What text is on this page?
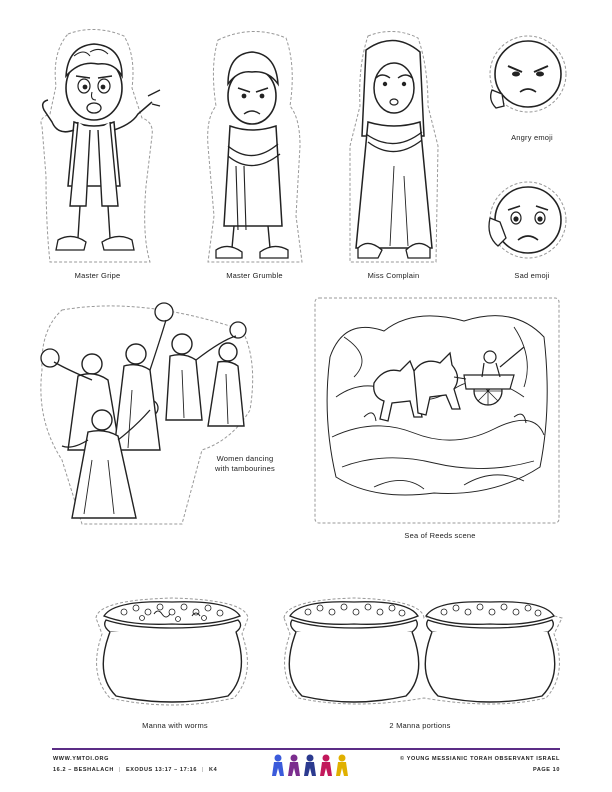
Master Gripe	Master Grumble	Miss Complain
Angry emoji
Sad emoji
Women dancing
with tambourines
Sea of Reeds scene
Manna with worms	2 Manna portions
WWW.YMTOI.ORG
16.2 – BESHALACH | EXODUS 13:17 – 17:16 | K4
© YOUNG MESSIANIC TORAH OBSERVANT ISRAEL
PAGE 10
